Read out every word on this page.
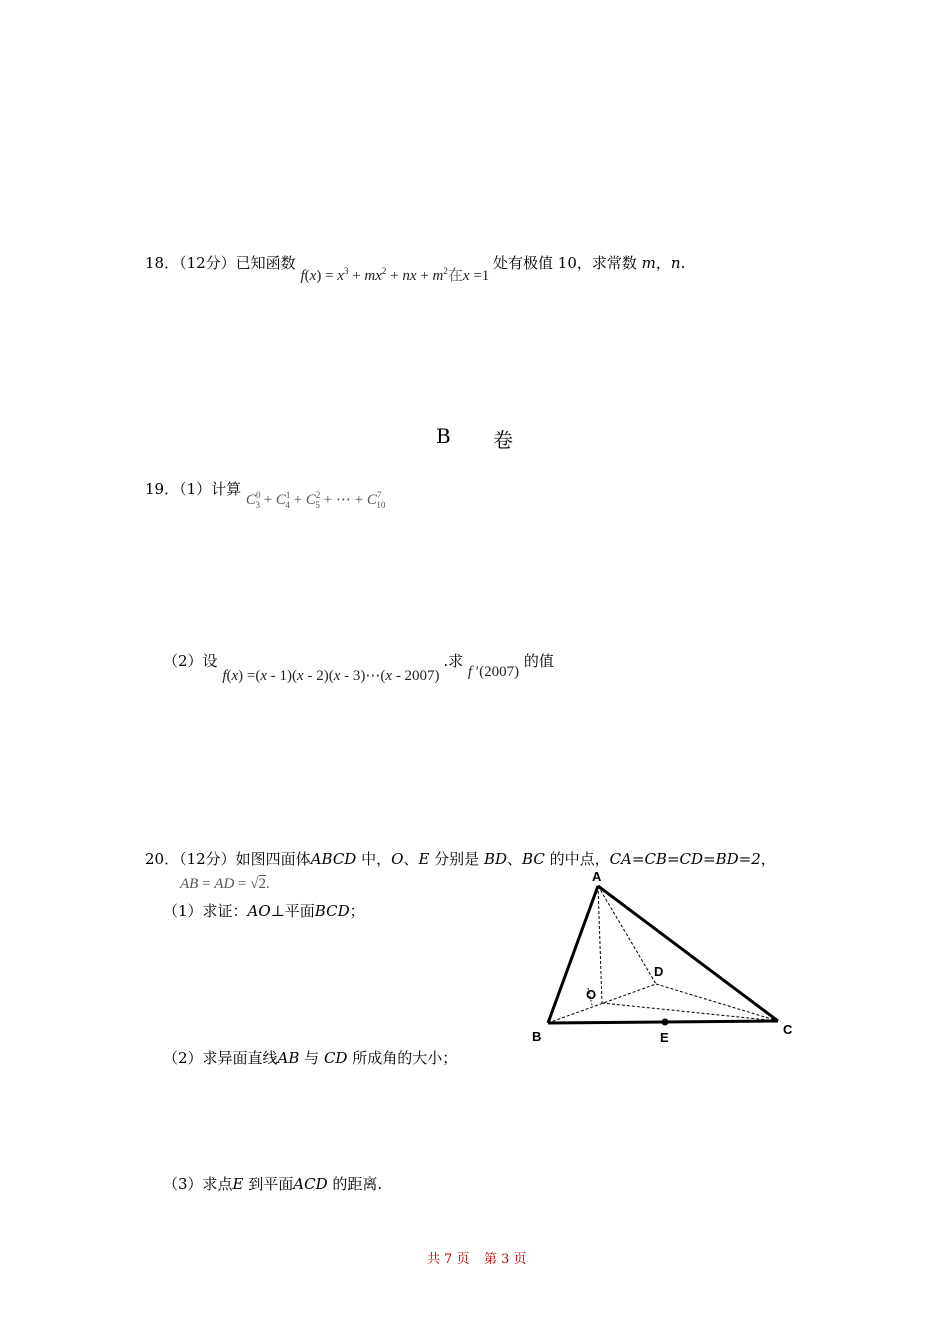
18．（12分）已知函数 $f(x) = x^3 + mx^2$ + nx + $m^2$在x =1 处有极值 10，求常数 m，n.
B 卷
19．（1）计算 $C^0_3 + C^1_4 + C^2_5$ + ⋯ + $C^7_{10}$
（2）设 f(x) =(x - 1)(x - 2)(x - 3)⋯(x - 2007) .求 f ′(2007) 的值
20．（12分）如图四面体ABCD 中，O、E 分别是 BD、BC 的中点，CA=CB=CD=BD=2，
AB = AD = √2.
（1）求证：AO⊥平面BCD；
（2）求异面直线AB 与 CD 所成角的大小；
（3）求点E 到平面ACD 的距离.
A
B	C
D
O
E
共 7 页 第 3 页
